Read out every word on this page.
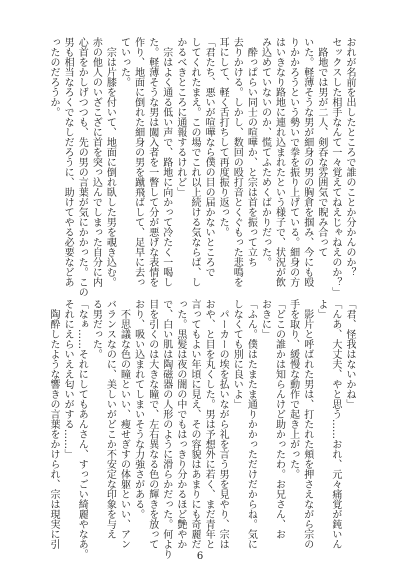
おれが名前を出したところで誰のことか分かんのか？
セックスした相手なんて一々覚えてねえじゃねえのか？」
　路地では男が二人、剣呑な雰囲気で睨み合って
いた。軽薄そうな男が細身の男の胸倉を掴み、今にも殴
りかかろうという勢いで拳を振り上げている。細身の方
はいきなり路地に連れ込まれたという様子で、状況が飲
み込めていないのか、慌てふためくばかりだった。
　酔っぱらい同士の喧嘩か、と宗は首を振って立ち
去りかける。しかし、数回の殴打音とくぐもった悲鳴を
耳にして、軽く舌打ちして再度振り返った。
「君たち、悪いが喧嘩なら僕の目の届かないところで
してくれたまえ。この場でこれ以上続ける気ならば、し
かるべきところに通報するけれど」
　宗はよく通る低い声で、路地に向かって冷たく一喝し
た。軽薄そうな男は闖入者を一瞥して分が悪げな表情を
作り、地面に倒れた細身の男を蹴飛ばして、足早に去っ
ていった。
　宗は片膝を付いて、地面に倒れ臥した男を覗き込む。
赤の他人のいざこざに首を突っ込んでしまった自分に内
心首をかしげつつも、先の男の言葉が気にかかった。この
男も相当なろくでなしだろうに、助けてやる必要などあ
ったのだろうか。
「君、怪我はないかね」
「んあ、大丈夫、やと思う……おれ、元々痛覚が鈍いん
よ」
　影片と呼ばれた男は、打たれた頬を押さえながら宗の
手を取り、緩慢な動作で起き上がった。
「どこの誰かは知らんけど助かったわ。お兄さん、お
おきに」
「ふん。僕はたまたま通りかかっただけだからね。気に
しなくても別に良いよ」
　パーカーの埃を払いながら礼を言う男を見やり、宗は
おや、と目を丸くした。男は予想外に若く、まだ青年と
言ってもよい年頃に見え、その容貌はあまりにも奇麗だ
った。黒髪は夜の闇の中でもはっきり分かるほど艶やか
で、白い肌は陶磁器の人形のように滑らかだった。何より
目を引くのは大きな瞳で、左右異なる色の輝きを放って
おり、吸い込まれてしまいそうな力強さがある。
　不思議な色の瞳といい、痩せぎすの体躯といい、アン
バランスなのに、美しいがどこか不安定な印象を与え
る男だった。
「なぁ……それにしてもあんさん、すっごい綺麗やなあ。
それにえらいええ匂いがする……」
　陶酔したような響きの言葉をかけられ、宗は現実に引
6
